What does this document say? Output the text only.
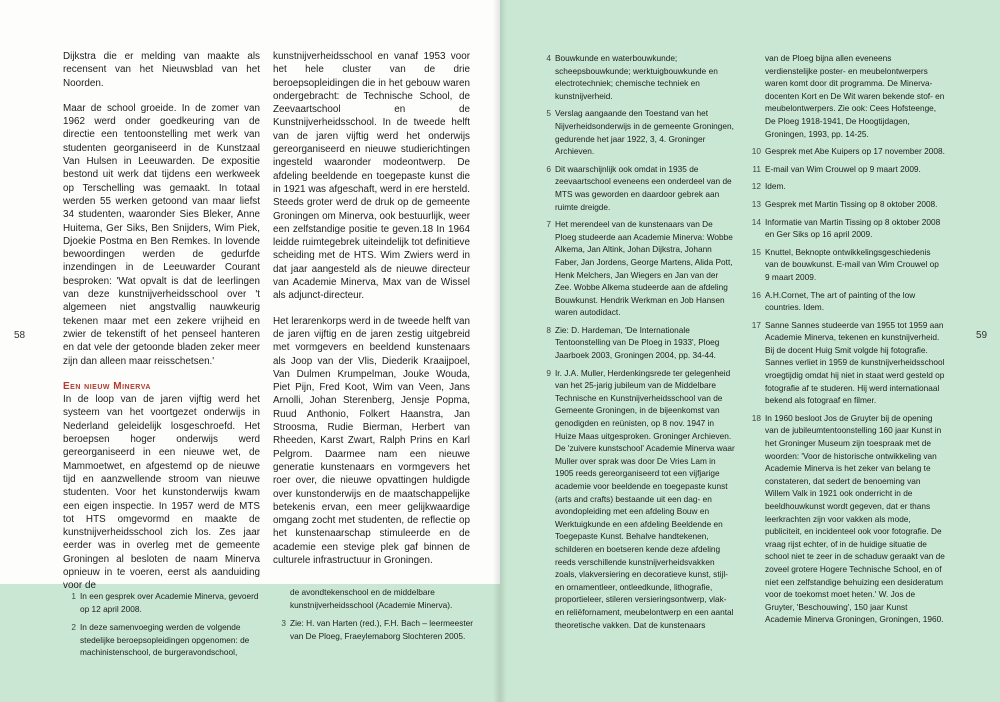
Dijkstra die er melding van maakte als recensent van het Nieuwsblad van het Noorden.

Maar de school groeide. In de zomer van 1962 werd onder goedkeuring van de directie een tentoonstelling met werk van studenten georganiseerd in de Kunstzaal Van Hulsen in Leeuwarden. De expositie bestond uit werk dat tijdens een werkweek op Terschelling was gemaakt. In totaal werden 55 werken getoond van maar liefst 34 studenten, waaronder Sies Bleker, Anne Huitema, Ger Siks, Ben Snijders, Wim Piek, Djoekie Postma en Ben Remkes. In lovende bewoordingen werden de gedurfde inzendingen in de Leeuwarder Courant besproken: 'Wat opvalt is dat de leerlingen van deze kunstnijverheidsschool over 't algemeen niet angstvallig nauwkeurig tekenen maar met een zekere vrijheid en zwier de tekenstift of het penseel hanteren en dat vele der getoonde bladen zeker meer zijn dan alleen maar reisschetsen.'

Een nieuw Minerva

In de loop van de jaren vijftig werd het systeem van het voortgezet onderwijs in Nederland geleidelijk losgeschroefd. Het beroepsen hoger onderwijs werd gereorganiseerd in een nieuwe wet, de Mammoetwet, en afgestemd op de nieuwe tijd en aanzwellende stroom van nieuwe studenten. Voor het kunstonderwijs kwam een eigen inspectie. In 1957 werd de MTS tot HTS omgevormd en maakte de kunstnijverheidsschool zich los. Zes jaar eerder was in overleg met de gemeente Groningen al besloten de naam Minerva opnieuw in te voeren, eerst als aanduiding voor de

kunstnijverheidsschool en vanaf 1953 voor het hele cluster van de drie beroepsopleidingen die in het gebouw waren ondergebracht: de Technische School, de Zeevaartschool en de Kunstnijverheidsschool. In de tweede helft van de jaren vijftig werd het onderwijs gereorganiseerd en nieuwe studierichtingen ingesteld waaronder modeontwerp. De afdeling beeldende en toegepaste kunst die in 1921 was afgeschaft, werd in ere hersteld. Steeds groter werd de druk op de gemeente Groningen om Minerva, ook bestuurlijk, weer een zelfstandige positie te geven.18 In 1964 leidde ruimtegebrek uiteindelijk tot definitieve scheiding met de HTS. Wim Zwiers werd in dat jaar aangesteld als de nieuwe directeur van Academie Minerva, Max van de Wissel als adjunct-directeur.

Het lerarenkorps werd in de tweede helft van de jaren vijftig en de jaren zestig uitgebreid met vormgevers en beeldend kunstenaars als Joop van der Vlis, Diederik Kraaijpoel, Van Dulmen Krumpelman, Jouke Wouda, Piet Pijn, Fred Koot, Wim van Veen, Jans Arnolli, Johan Sterenberg, Jensje Popma, Ruud Anthonio, Folkert Haanstra, Jan Stroosma, Rudie Bierman, Herbert van Rheeden, Karst Zwart, Ralph Prins en Karl Pelgrom. Daarmee nam een nieuwe generatie kunstenaars en vormgevers het roer over, die nieuwe opvattingen huldigde over kunstonderwijs en de maatschappelijke betekenis ervan, een meer gelijkwaardige omgang zocht met studenten, de reflectie op het kunstenaarschap stimuleerde en de academie een stevige plek gaf binnen de culturele infrastructuur in Groningen.

58
1 In een gesprek over Academie Minerva, gevoerd op 12 april 2008.
2 In deze samenvoeging werden de volgende stedelijke beroepsopleidingen opgenomen: de machinistenschool, de burgeravondschool,
de avondtekenschool en de middelbare kunstnijverheidsschool (Academie Minerva).
3 Zie: H. van Harten (red.), F.H. Bach – leermeester van De Ploeg, Fraeylemaborg Slochteren 2005.
4 Bouwkunde en waterbouwkunde; scheepsbouwkunde; werktuigbouwkunde en electrotechniek; chemische techniek en kunstnijverheid.
5 Verslag aangaande den Toestand van het Nijverheidsonderwijs in de gemeente Groningen, gedurende het jaar 1922, 3, 4. Groninger Archieven.
6 Dit waarschijnlijk ook omdat in 1935 de zeevaartschool eveneens een onderdeel van de MTS was geworden en daardoor gebrek aan ruimte dreigde.
7 Het merendeel van de kunstenaars van De Ploeg studeerde aan Academie Minerva: Wobbe Alkema, Jan Altink, Johan Dijkstra, Johann Faber, Jan Jordens, George Martens, Alida Pott, Henk Melchers, Jan Wiegers en Jan van der Zee. Wobbe Alkema studeerde aan de afdeling Bouwkunst. Hendrik Werkman en Job Hansen waren autodidact.
8 Zie: D. Hardeman, 'De Internationale Tentoonstelling van De Ploeg in 1933', Ploeg Jaarboek 2003, Groningen 2004, pp. 34-44.
9 Ir. J.A. Muller, Herdenkingsrede ter gelegenheid van het 25-jarig jubileum van de Middelbare Technische en Kunstnijverheidsschool van de Gemeente Groningen, in de bijeenkomst van genodigden en reünisten, op 8 nov. 1947 in Huize Maas uitgesproken. Groninger Archieven. De 'zuivere kunstschool' Academie Minerva waar Muller over sprak was door De Vries Lam in 1905 reeds gereorganiseerd tot een vijfjarige academie voor beeldende en toegepaste kunst (arts and crafts) bestaande uit een dag- en avondopleiding met een afdeling Bouw en Werktuigkunde en een afdeling Beeldende en Toegepaste Kunst. Behalve handtekenen, schilderen en boetseren kende deze afdeling reeds verschillende kunstnijverheidsvakken zoals, vlakversiering en decoratieve kunst, stijl- en ornamentleer, ontleedkunde, lithografie, proportieleer, stileren versieringsontwerp, vlak- en reliëfornament, meubelontwerp en een aantal theoretische vakken. Dat de kunstenaars
van de Ploeg bijna allen eveneens verdienstelijke poster- en meubelontwerpers waren komt door dit programma. De Minerva-docenten Kort en De Wit waren bekende stof- en meubelontwerpers. Zie ook: Cees Hofsteenge, De Ploeg 1918-1941, De Hoogtijdagen, Groningen, 1993, pp. 14-25.
10 Gesprek met Abe Kuipers op 17 november 2008.
11 E-mail van Wim Crouwel op 9 maart 2009.
12 Idem.
13 Gesprek met Martin Tissing op 8 oktober 2008.
14 Informatie van Martin Tissing op 8 oktober 2008 en Ger Siks op 16 april 2009.
15 Knuttel, Beknopte ontwikkelingsgeschiedenis van de bouwkunst. E-mail van Wim Crouwel op 9 maart 2009.
16 A.H.Cornet, The art of painting of the low countries. Idem.
17 Sanne Sannes studeerde van 1955 tot 1959 aan Academie Minerva, tekenen en kunstnijverheid. Bij de docent Huig Smit volgde hij fotografie. Sannes verliet in 1959 de kunstnijverheidsschool vroegtijdig omdat hij niet in staat werd gesteld op fotografie af te studeren. Hij werd internationaal bekend als fotograaf en filmer.
18 In 1960 besloot Jos de Gruyter bij de opening van de jubileumtentoonstelling 160 jaar Kunst in het Groninger Museum zijn toespraak met de woorden: 'Voor de historische ontwikkeling van Academie Minerva is het zeker van belang te constateren, dat sedert de benoeming van Willem Valk in 1921 ook onderricht in de beeldhouwkunst wordt gegeven, dat er thans leerkrachten zijn voor vakken als mode, publiciteit, en incidenteel ook voor fotografie. De vraag rijst echter, of in de huidige situatie de school niet te zeer in de schaduw geraakt van de zoveel grotere Hogere Technische School, en of niet een zelfstandige behuizing een desideratum voor de toekomst moet heten.' W. Jos de Gruyter, 'Beschouwing', 150 jaar Kunst Academie Minerva Groningen, Groningen, 1960.
59
